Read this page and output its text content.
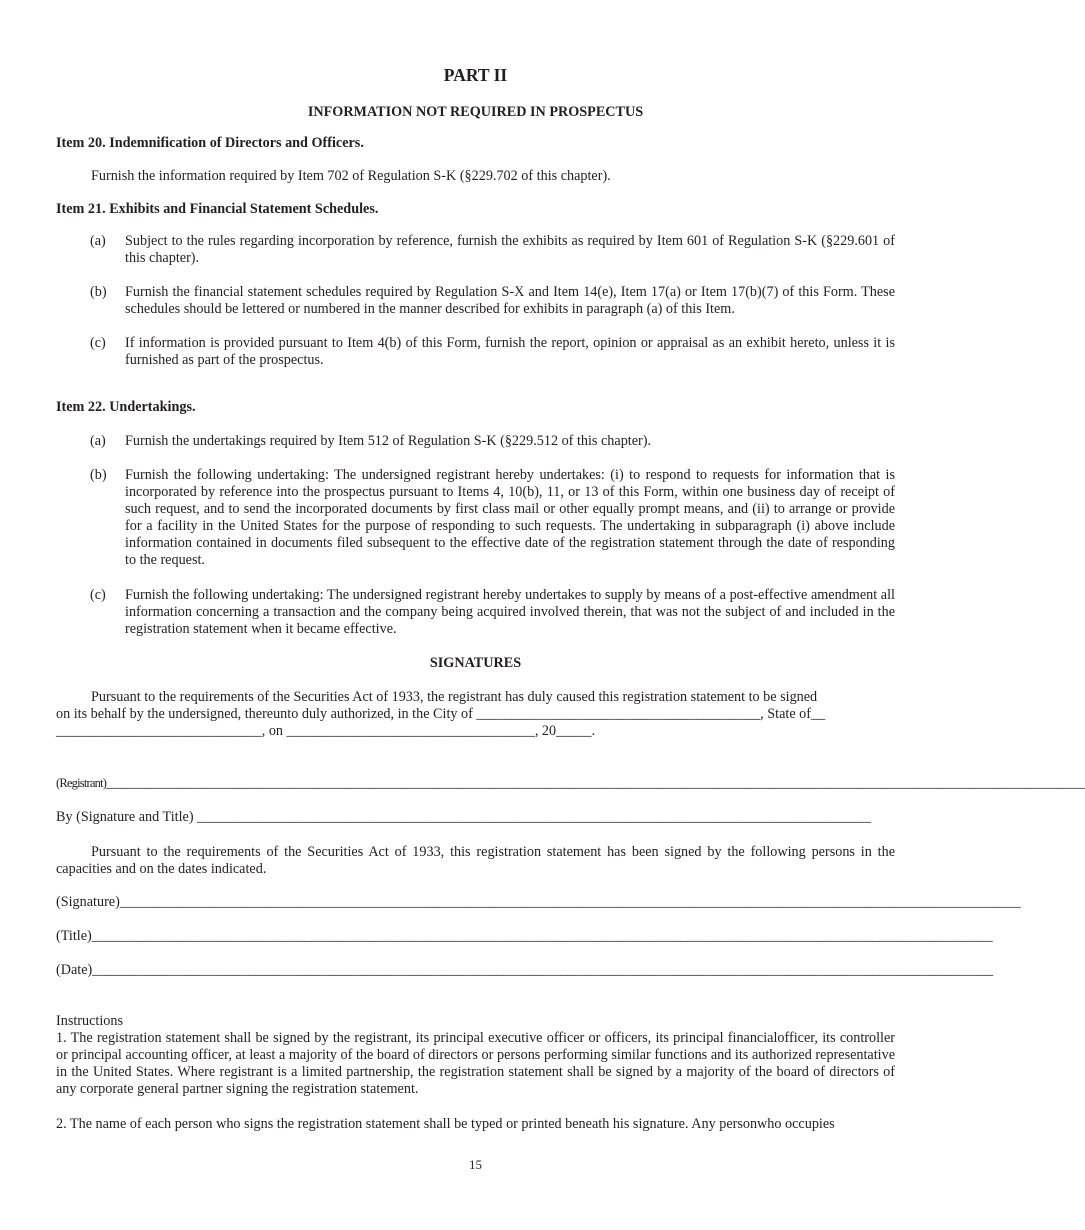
PART II
INFORMATION NOT REQUIRED IN PROSPECTUS
Item 20. Indemnification of Directors and Officers.
Furnish the information required by Item 702 of Regulation S-K (§229.702 of this chapter).
Item 21. Exhibits and Financial Statement Schedules.
(a)	Subject to the rules regarding incorporation by reference, furnish the exhibits as required by Item 601 of Regulation S-K (§229.601 of this chapter).
(b)	Furnish the financial statement schedules required by Regulation S-X and Item 14(e), Item 17(a) or Item 17(b)(7) of this Form. These schedules should be lettered or numbered in the manner described for exhibits in paragraph (a) of this Item.
(c)	If information is provided pursuant to Item 4(b) of this Form, furnish the report, opinion or appraisal as an exhibit hereto, unless it is furnished as part of the prospectus.
Item 22. Undertakings.
(a)	Furnish the undertakings required by Item 512 of Regulation S-K (§229.512 of this chapter).
(b)	Furnish the following undertaking: The undersigned registrant hereby undertakes: (i) to respond to requests for information that is incorporated by reference into the prospectus pursuant to Items 4, 10(b), 11, or 13 of this Form, within one business day of receipt of such request, and to send the incorporated documents by first class mail or other equally prompt means, and (ii) to arrange or provide for a facility in the United States for the purpose of responding to such requests. The undertaking in subparagraph (i) above include information contained in documents filed subsequent to the effective date of the registration statement through the date of responding to the request.
(c)	Furnish the following undertaking: The undersigned registrant hereby undertakes to supply by means of a post-effective amendment all information concerning a transaction and the company being acquired involved therein, that was not the subject of and included in the registration statement when it became effective.
SIGNATURES
Pursuant to the requirements of the Securities Act of 1933, the registrant has duly caused this registration statement to be signed
on its behalf by the undersigned, thereunto duly authorized, in the City of ________________________________________, State of__
_____________________________, on ___________________________________, 20_____.
(Registrant)__________________________________________________________________________________________________________________________________________
By (Signature and Title) _______________________________________________________________________________________________
Pursuant to the requirements of the Securities Act of 1933, this registration statement has been signed by the following persons in the capacities and on the dates indicated.
(Signature)_______________________________________________________________________________________________________________________________
(Title)_______________________________________________________________________________________________________________________________
(Date)_______________________________________________________________________________________________________________________________
Instructions
1. The registration statement shall be signed by the registrant, its principal executive officer or officers, its principal financialofficer, its controller or principal accounting officer, at least a majority of the board of directors or persons performing similar functions and its authorized representative in the United States. Where registrant is a limited partnership, the registration statement shall be signed by a majority of the board of directors of any corporate general partner signing the registration statement.
2. The name of each person who signs the registration statement shall be typed or printed beneath his signature. Any personwho occupies
15
